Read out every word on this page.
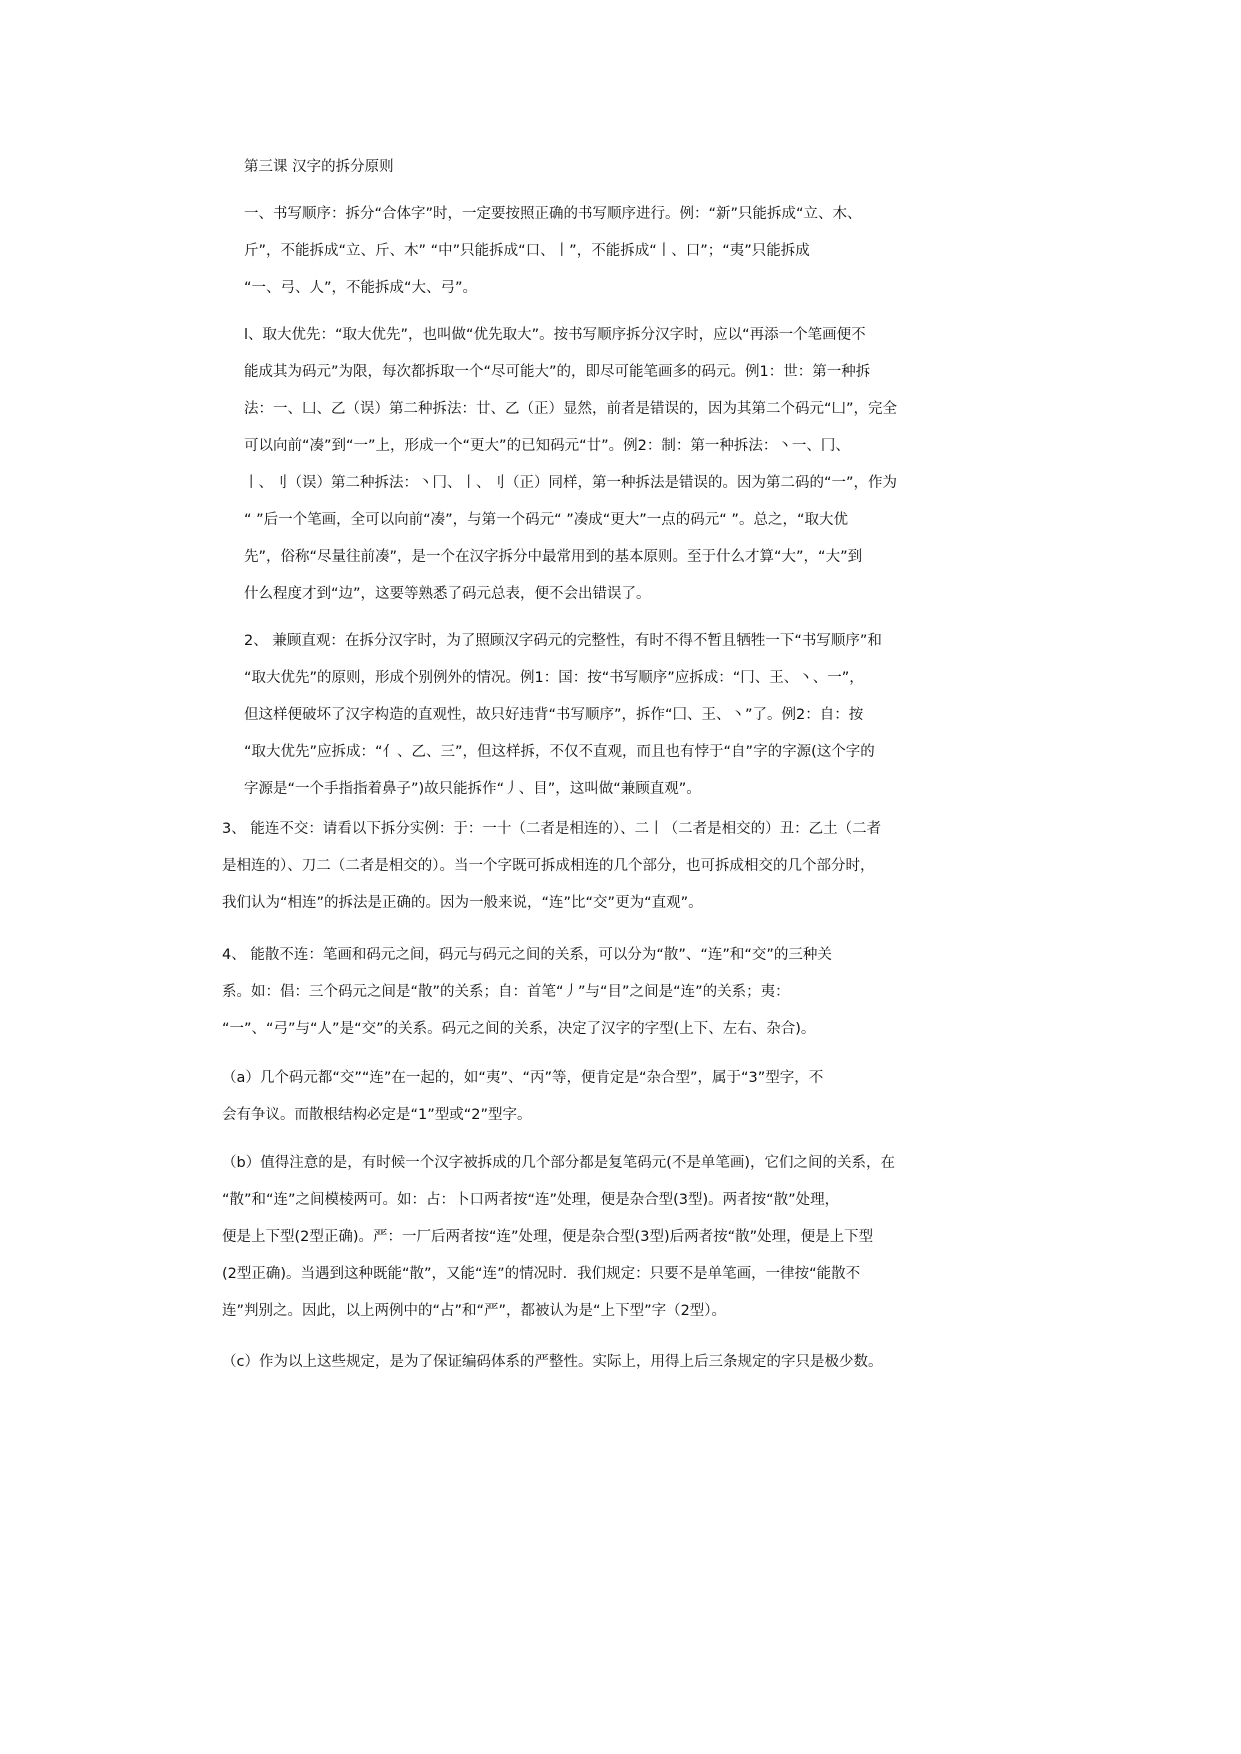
第三课 汉字的拆分原则
一、书写顺序：拆分“合体字”时，一定要按照正确的书写顺序进行。例：“新”只能拆成“立、木、
斤”，不能拆成“立、斤、木” “中”只能拆成“口、丨”，不能拆成“丨、口”；“夷”只能拆成
“一、弓、人”，不能拆成“大、弓”。
l、取大优先：“取大优先”，也叫做“优先取大”。按书写顺序拆分汉字时，应以“再添一个笔画便不
能成其为码元”为限，每次都拆取一个“尽可能大”的，即尽可能笔画多的码元。例1：世：第一种拆
法：一、凵、乙（误）第二种拆法：廿、乙（正）显然，前者是错误的，因为其第二个码元“凵”，完全
可以向前“凑”到“一”上，形成一个“更大”的已知码元“廿”。例2：制：第一种拆法：丶一、冂、
丨、刂（误）第二种拆法：丶冂、丨、刂（正）同样，第一种拆法是错误的。因为第二码的“一”，作为
“ ”后一个笔画，全可以向前“凑”，与第一个码元“ ”凑成“更大”一点的码元“ ”。总之，“取大优
先”，俗称“尽量往前凑”，是一个在汉字拆分中最常用到的基本原则。至于什么才算“大”，“大”到
什么程度才到“边”，这要等熟悉了码元总表，便不会出错误了。
2、 兼顾直观：在拆分汉字时，为了照顾汉字码元的完整性，有时不得不暂且牺牲一下“书写顺序”和
“取大优先”的原则，形成个别例外的情况。例1：国：按“书写顺序”应拆成：“冂、王、丶、一”，
但这样便破坏了汉字构造的直观性，故只好违背“书写顺序”，拆作“囗、王、丶”了。例2：自：按
“取大优先”应拆成：“亻、乙、三”，但这样拆，不仅不直观，而且也有悖于“自”字的字源(这个字的
字源是“一个手指指着鼻子”)故只能拆作“丿、目”，这叫做“兼顾直观”。
3、 能连不交：请看以下拆分实例：于：一十（二者是相连的）、二丨（二者是相交的）丑：乙土（二者
是相连的）、刀二（二者是相交的）。当一个字既可拆成相连的几个部分，也可拆成相交的几个部分时，
我们认为“相连”的拆法是正确的。因为一般来说，“连”比“交”更为“直观”。
4、 能散不连：笔画和码元之间，码元与码元之间的关系，可以分为“散”、“连”和“交”的三种关
系。如：倡：三个码元之间是“散”的关系；自：首笔“丿”与“目”之间是“连”的关系；夷：
“一”、“弓”与“人”是“交”的关系。码元之间的关系，决定了汉字的字型(上下、左右、杂合)。
（a）几个码元都“交”“连”在一起的，如“夷”、“丙”等，便肯定是“杂合型”，属于“3”型字，不
会有争议。而散根结构必定是“1”型或“2”型字。
（b）值得注意的是，有时候一个汉字被拆成的几个部分都是复笔码元(不是单笔画)，它们之间的关系，在
“散”和“连”之间模棱两可。如：占：卜口两者按“连”处理，便是杂合型(3型)。两者按“散”处理，
便是上下型(2型正确)。严：一厂后两者按“连”处理，便是杂合型(3型)后两者按“散”处理，便是上下型
(2型正确)。当遇到这种既能“散”，又能“连”的情况时．我们规定：只要不是单笔画，一律按“能散不
连”判别之。因此，以上两例中的“占”和“严”，都被认为是“上下型”字（2型）。
（c）作为以上这些规定，是为了保证编码体系的严整性。实际上，用得上后三条规定的字只是极少数。
